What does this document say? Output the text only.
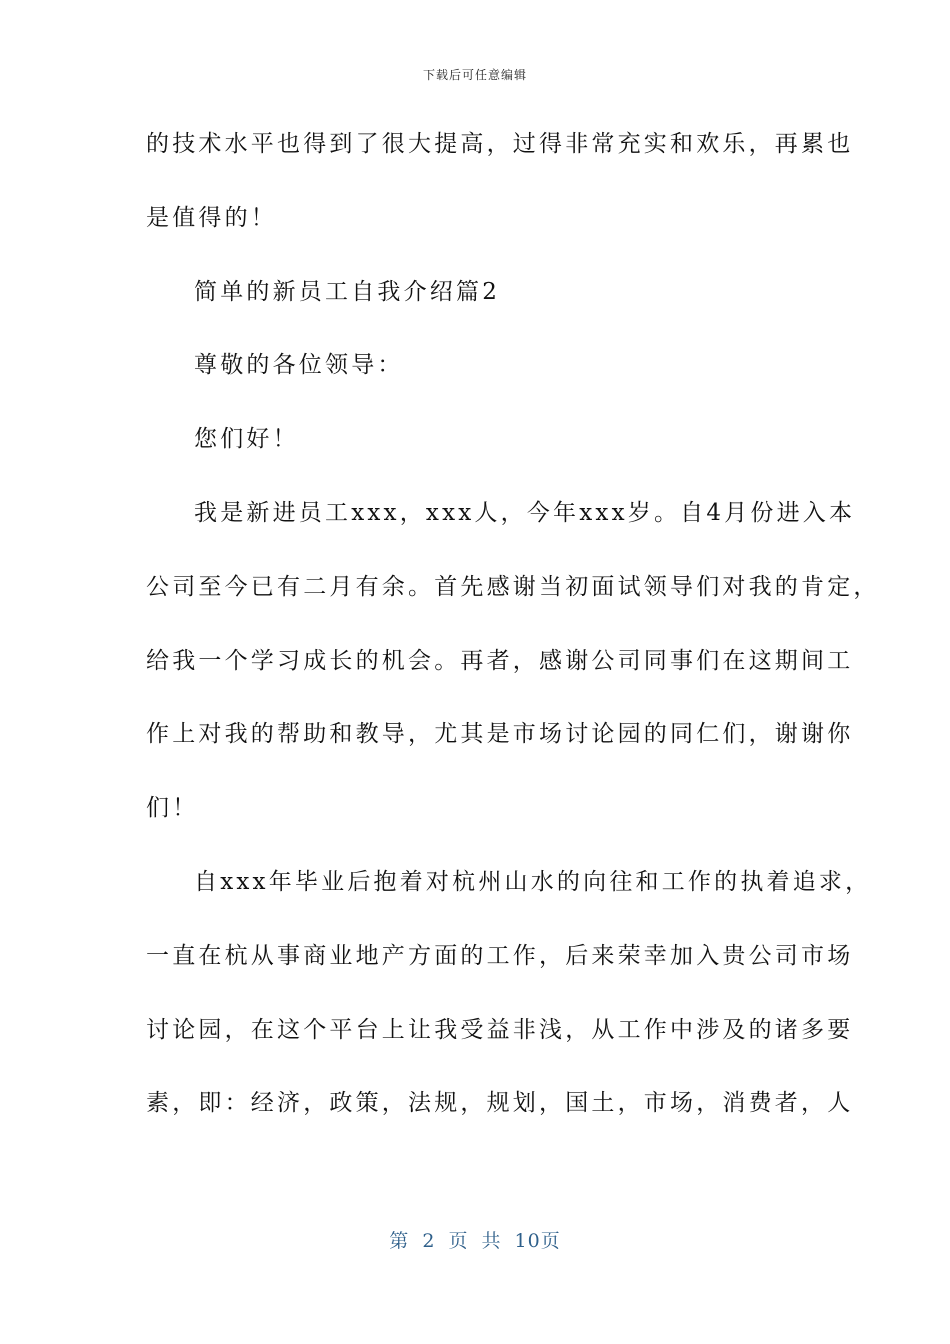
下载后可任意编辑
的技术水平也得到了很大提高，过得非常充实和欢乐，再累也
是值得的！
简单的新员工自我介绍篇2
尊敬的各位领导：
您们好！
我是新进员工xxx，xxx人，今年xxx岁。自4月份进入本
公司至今已有二月有余。首先感谢当初面试领导们对我的肯定，
给我一个学习成长的机会。再者，感谢公司同事们在这期间工
作上对我的帮助和教导，尤其是市场讨论园的同仁们，谢谢你
们！
自xxx年毕业后抱着对杭州山水的向往和工作的执着追求，
一直在杭从事商业地产方面的工作，后来荣幸加入贵公司市场
讨论园，在这个平台上让我受益非浅，从工作中涉及的诸多要
素，即：经济，政策，法规，规划，国土，市场，消费者，人
第 2 页 共 10页
